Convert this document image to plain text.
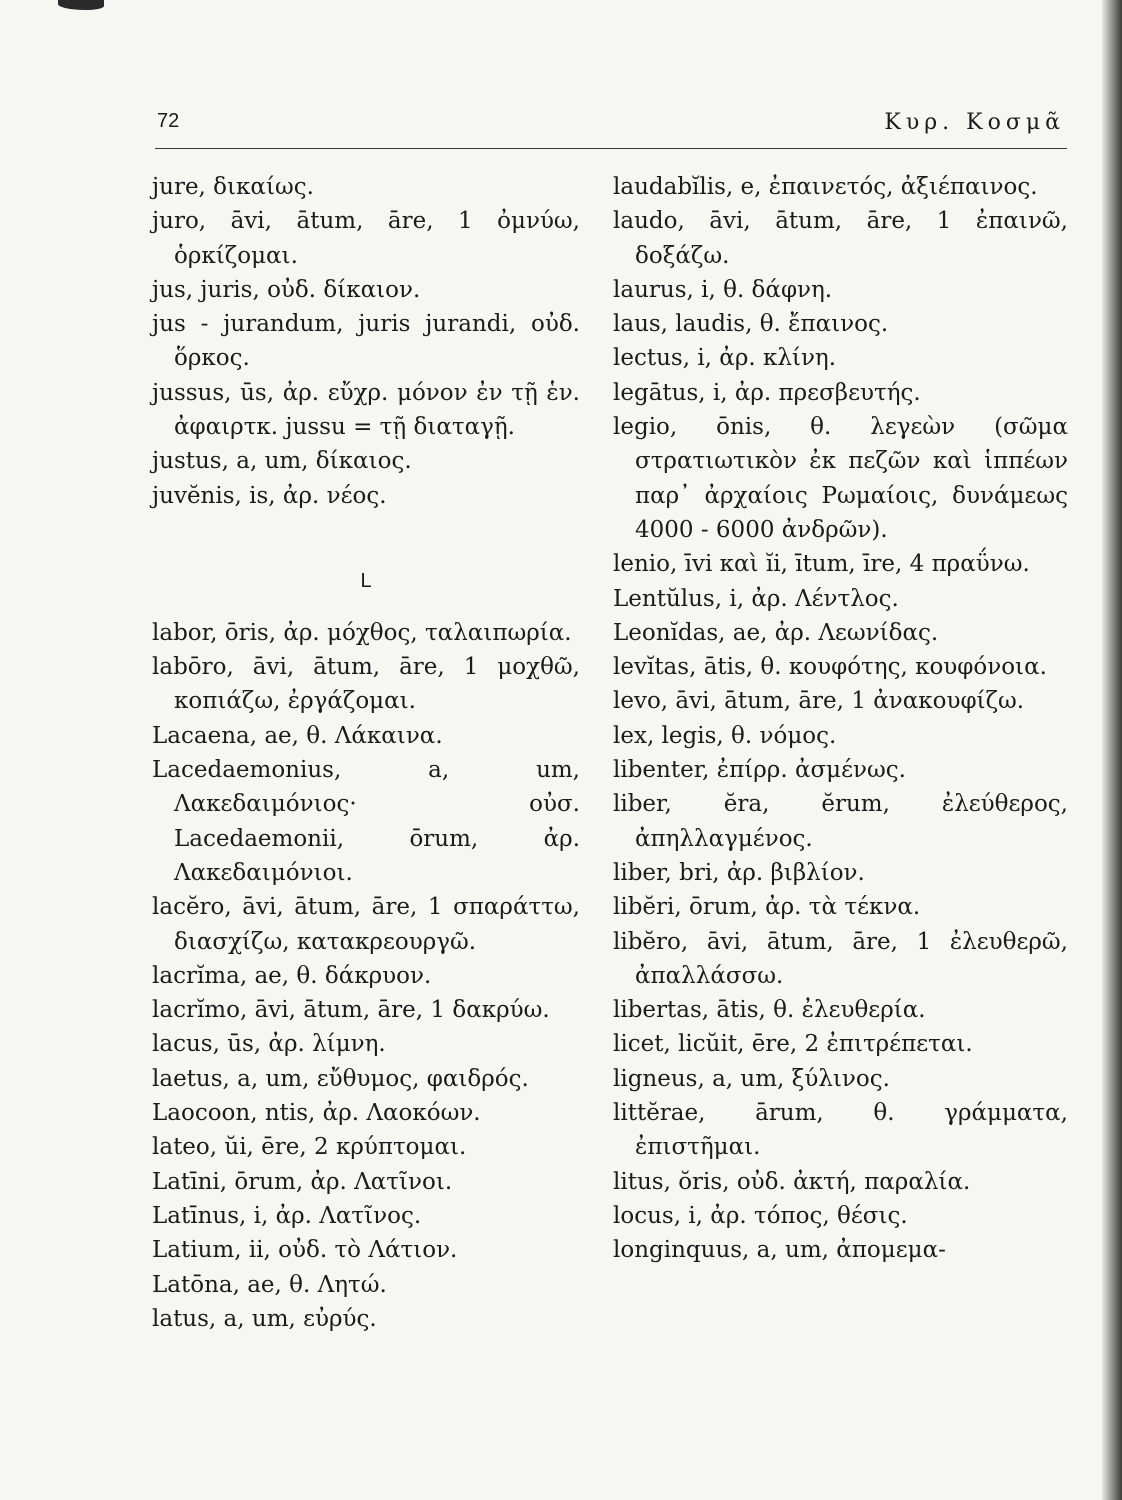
72	Κυρ. Κοσμᾶ

jure, δικαίως.

juro, āvi, ātum, āre, 1 ὀμνύω, ὁρκίζομαι.

jus, juris, οὐδ. δίκαιον.

jus - jurandum, juris jurandi, οὐδ. ὅρκος.

jussus, ūs, ἀρ. εὔχρ. μόνον ἐν τῇ ἑν. ἀφαιρτκ. jussu = τῇ διαταγῇ.

justus, a, um, δίκαιος.

juvĕnis, is, ἀρ. νέος.

L

labor, ōris, ἀρ. μόχθος, ταλαιπωρία.

labōro, āvi, ātum, āre, 1 μοχθῶ, κοπιάζω, ἐργάζομαι.

Lacaena, ae, θ. Λάκαινα.

Lacedaemonius, a, um, Λακεδαιμόνιος· οὐσ. Lacedaemonii, ōrum, ἀρ. Λακεδαιμόνιοι.

lacĕro, āvi, ātum, āre, 1 σπαράττω, διασχίζω, κατακρεουργῶ.

lacrĭma, ae, θ. δάκρυον.

lacrĭmo, āvi, ātum, āre, 1 δακρύω.

lacus, ūs, ἀρ. λίμνη.

laetus, a, um, εὔθυμος, φαιδρός.

Laocoon, ntis, ἀρ. Λαοκόων.

lateo, ŭi, ēre, 2 κρύπτομαι.

Latīni, ōrum, ἀρ. Λατῖνοι.

Latīnus, i, ἀρ. Λατῖνος.

Latium, ii, οὐδ. τὸ Λάτιον.

Latōna, ae, θ. Λητώ.

latus, a, um, εὐρύς.

laudabĭlis, e, ἐπαινετός, ἀξιέπαινος.

laudo, āvi, ātum, āre, 1 ἐπαινῶ, δοξάζω.

laurus, i, θ. δάφνη.

laus, laudis, θ. ἔπαινος.

lectus, i, ἀρ. κλίνη.

legātus, i, ἀρ. πρεσβευτής.

legio, ōnis, θ. λεγεὼν (σῶμα στρατιωτικὸν ἐκ πεζῶν καὶ ἱππέων παρ᾽ ἀρχαίοις Ρωμαίοις, δυνάμεως 4000 - 6000 ἀνδρῶν).

lenio, īvi καὶ ĭi, ītum, īre, 4 πραΰνω.

Lentŭlus, i, ἀρ. Λέντλος.

Leonĭdas, ae, ἀρ. Λεωνίδας.

levĭtas, ātis, θ. κουφότης, κουφόνοια.

levo, āvi, ātum, āre, 1 ἀνακουφίζω.

lex, legis, θ. νόμος.

libenter, ἐπίρρ. ἀσμένως.

liber, ĕra, ĕrum, ἐλεύθερος, ἀπηλλαγμένος.

liber, bri, ἀρ. βιβλίον.

libĕri, ōrum, ἀρ. τὰ τέκνα.

libĕro, āvi, ātum, āre, 1 ἐλευθερῶ, ἀπαλλάσσω.

libertas, ātis, θ. ἐλευθερία.

licet, licŭit, ēre, 2 ἐπιτρέπεται.

ligneus, a, um, ξύλινος.

littĕrae, ārum, θ. γράμματα, ἐπιστῆμαι.

litus, ŏris, οὐδ. ἀκτή, παραλία.

locus, i, ἀρ. τόπος, θέσις.

longinquus, a, um, ἀπομεμα-
